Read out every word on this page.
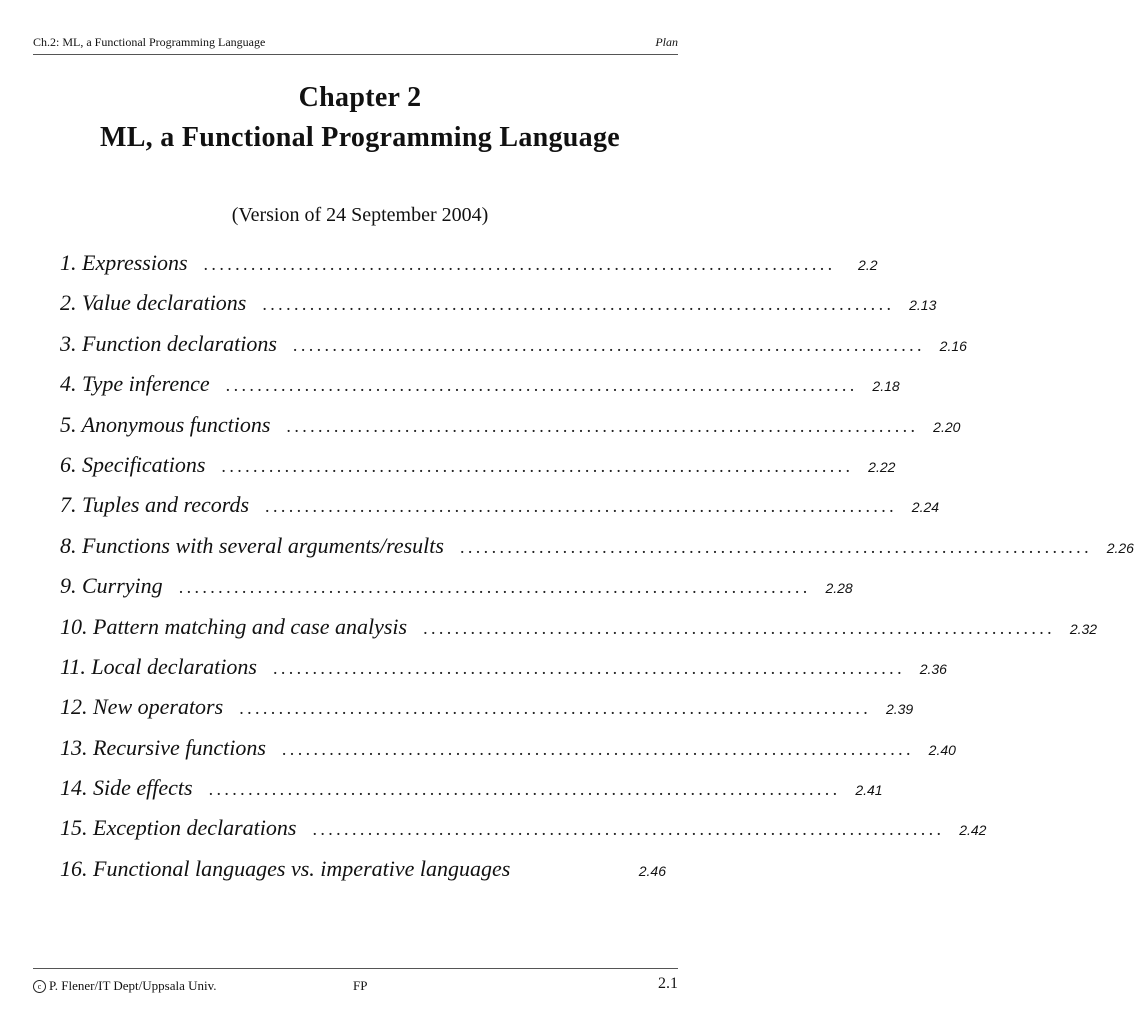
Ch.2: ML, a Functional Programming Language	Plan
Chapter 2
ML, a Functional Programming Language
(Version of 24 September 2004)
1. Expressions ................................................................................	2.2
2. Value declarations ................................................................................	2.13
3. Function declarations ................................................................................	2.16
4. Type inference ................................................................................	2.18
5. Anonymous functions ................................................................................	2.20
6. Specifications ................................................................................	2.22
7. Tuples and records ................................................................................	2.24
8. Functions with several arguments/results ................................................................................	2.26
9. Currying ................................................................................	2.28
10. Pattern matching and case analysis ................................................................................	2.32
11. Local declarations ................................................................................	2.36
12. New operators ................................................................................	2.39
13. Recursive functions ................................................................................	2.40
14. Side effects ................................................................................	2.41
15. Exception declarations ................................................................................	2.42
16. Functional languages vs. imperative languages	2.46
c P. Flener/IT Dept/Uppsala Univ.	FP	2.1
